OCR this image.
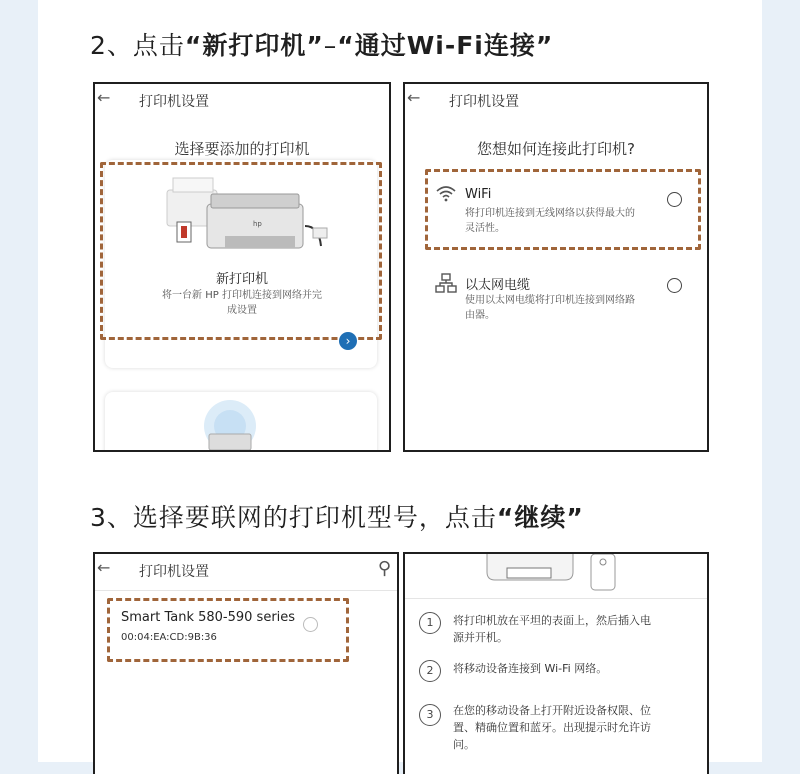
2、点击“新打印机”–“通过Wi-Fi连接”
← 打印机设置
选择要添加的打印机
hp
新打印机
将一台新 HP 打印机连接到网络并完
成设置
›
← 打印机设置
您想如何连接此打印机?
WiFi
将打印机连接到无线网络以获得最大的
灵活性。
以太网电缆
使用以太网电缆将打印机连接到网络路
由器。
3、选择要联网的打印机型号，点击“继续”
← 打印机设置	⚲
Smart Tank 580-590 series
00:04:EA:CD:9B:36
1	将打印机放在平坦的表面上，然后插入电
源并开机。
2	将移动设备连接到 Wi-Fi 网络。
3	在您的移动设备上打开附近设备权限、位
置、精确位置和蓝牙。出现提示时允许访
问。
